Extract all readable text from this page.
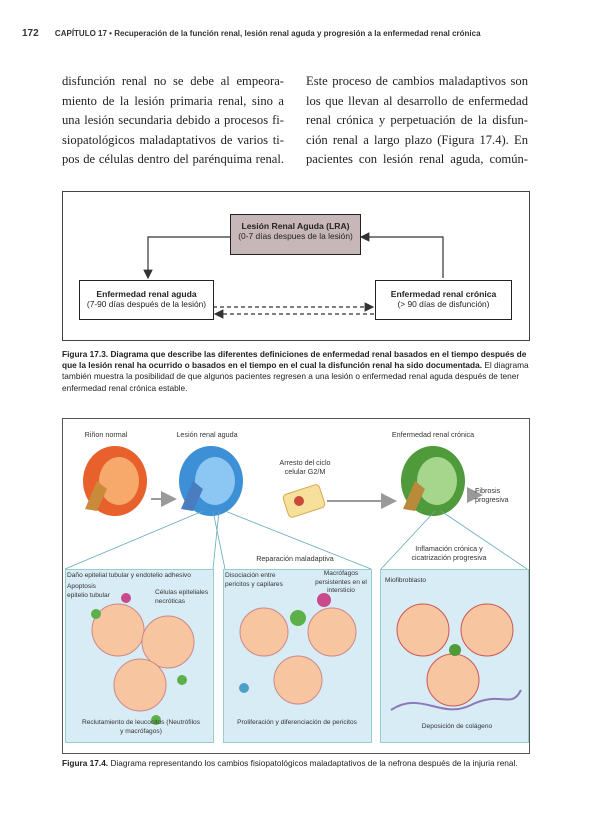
172 CAPÍTULO 17 • Recuperación de la función renal, lesión renal aguda y progresión a la enfermedad renal crónica
disfunción renal no se debe al empeora-
miento de la lesión primaria renal, sino a
una lesión secundaria debido a procesos fi-
siopatológicos maladaptativos de varios ti-
pos de células dentro del parénquima renal.
Este proceso de cambios maladaptivos son
los que llevan al desarrollo de enfermedad
renal crónica y perpetuación de la disfun-
ción renal a largo plazo (Figura 17.4). En
pacientes con lesión renal aguda, común-
Lesión Renal Aguda (LRA)
(0-7 días despues de la lesión)
Enfermedad renal aguda
(7-90 días después de la lesión)
Enfermedad renal crónica
(> 90 días de disfunción)
Figura 17.3. Diagrama que describe las diferentes definiciones de enfermedad renal basados en el tiempo después de que la lesión renal ha ocurrido o basados en el tiempo en el cual la disfunción renal ha sido documentada. El diagrama también muestra la posibilidad de que algunos pacientes regresen a una lesión o enfermedad renal aguda después de tener enfermedad renal crónica estable.
Riñon normal	Lesión renal aguda	Enfermedad renal crónica
Arresto del ciclo celular G2/M
Fibrosis progresiva
Reparación maladaptiva
Inflamación crónica y cicatrización progresiva
Daño epitelial tubular y endotelio adhesivo
Apoptosis epitelio tubular	Células epiteliales necróticas
Reclutamiento de leucocitos (Neutrófilos y macrófagos)
Disociación entre pericitos y capilares
Macrófagos persistentes en el intersticio
Proliferación y diferenciación de pericitos
Miofibroblasto
Deposición de colágeno
Figura 17.4. Diagrama representando los cambios fisiopatológicos maladaptativos de la nefrona después de la injuria renal.
